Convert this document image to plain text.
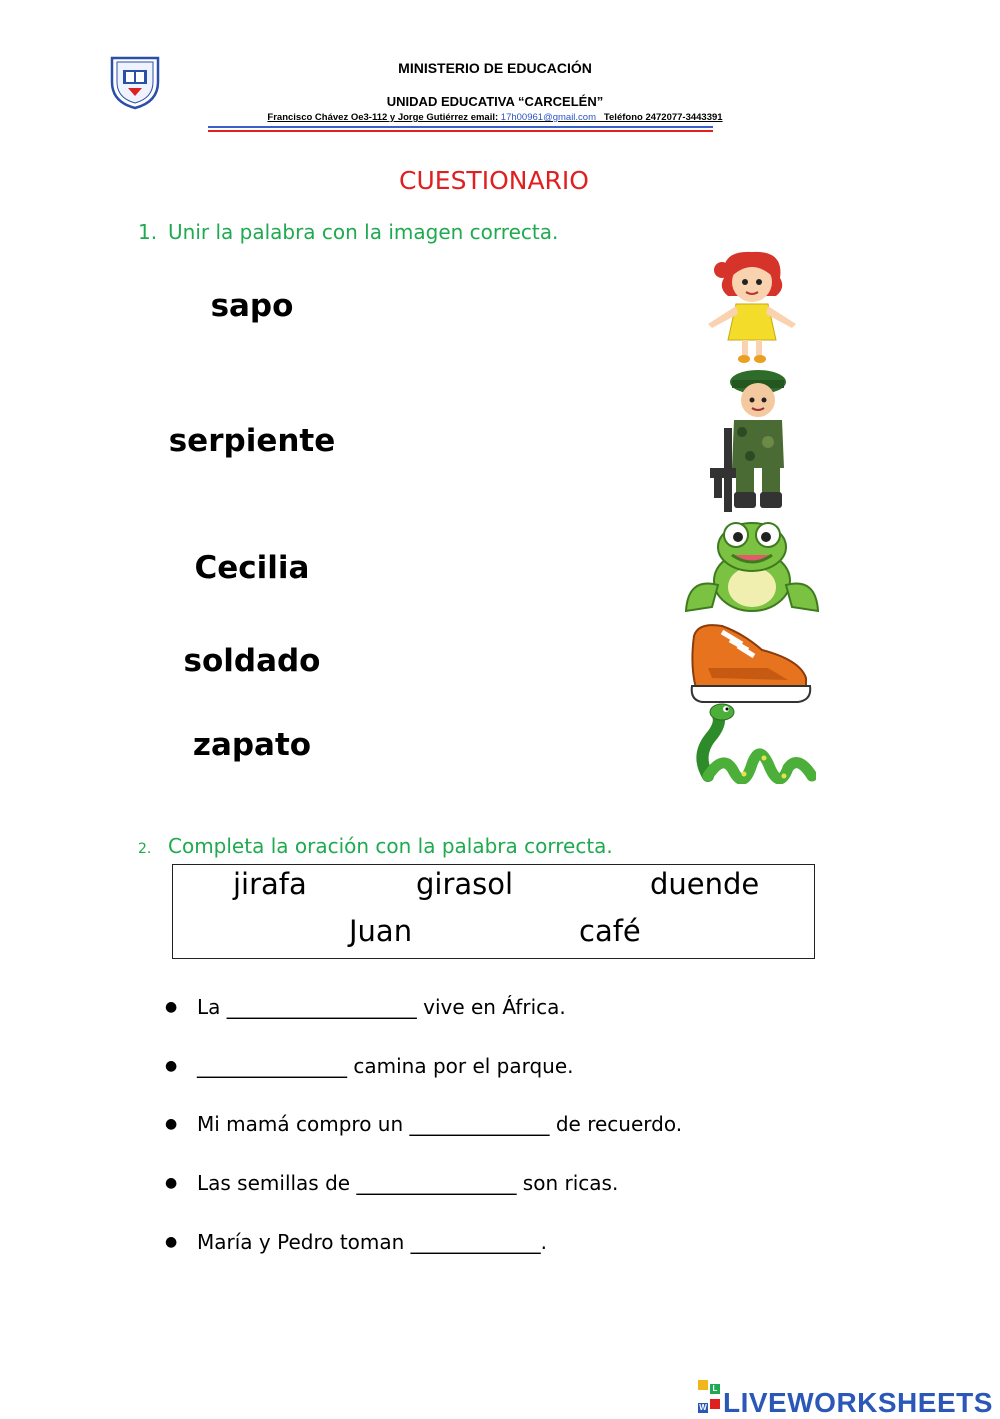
MINISTERIO DE EDUCACIÓN
UNIDAD EDUCATIVA “CARCELÉN”
Francisco Chávez Oe3-112 y Jorge Gutiérrez email: 17h00961@gmail.com Teléfono 2472077-3443391
CUESTIONARIO
1. Unir la palabra con la imagen correcta.
sapo
serpiente
Cecilia
soldado
zapato
2. Completa la oración con la palabra correcta.
jirafa	girasol	duende
Juan	café
● La ___________________ vive en África.
● _______________ camina por el parque.
● Mi mamá compro un ______________ de recuerdo.
● Las semillas de ________________ son ricas.
● María y Pedro toman _____________.
L
W LIVEWORKSHEETS
